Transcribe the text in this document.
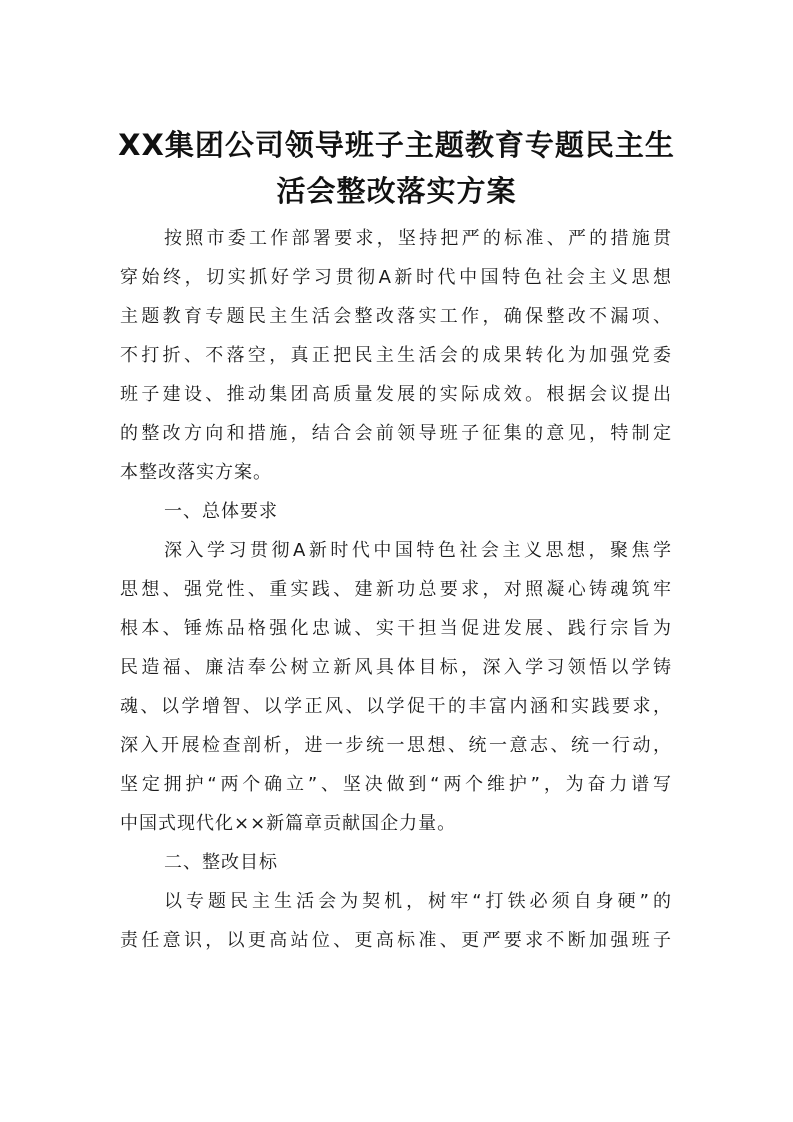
XX集团公司领导班子主题教育专题民主生
活会整改落实方案
按照市委工作部署要求，坚持把严的标准、严的措施贯
穿始终，切实抓好学习贯彻A新时代中国特色社会主义思想
主题教育专题民主生活会整改落实工作，确保整改不漏项、
不打折、不落空，真正把民主生活会的成果转化为加强党委
班子建设、推动集团高质量发展的实际成效。根据会议提出
的整改方向和措施，结合会前领导班子征集的意见，特制定
本整改落实方案。
一、总体要求
深入学习贯彻A新时代中国特色社会主义思想，聚焦学
思想、强党性、重实践、建新功总要求，对照凝心铸魂筑牢
根本、锤炼品格强化忠诚、实干担当促进发展、践行宗旨为
民造福、廉洁奉公树立新风具体目标，深入学习领悟以学铸
魂、以学增智、以学正风、以学促干的丰富内涵和实践要求，
深入开展检查剖析，进一步统一思想、统一意志、统一行动，
坚定拥护“两个确立”、坚决做到“两个维护”，为奋力谱写
中国式现代化××新篇章贡献国企力量。
二、整改目标
以专题民主生活会为契机，树牢“打铁必须自身硬”的
责任意识，以更高站位、更高标准、更严要求不断加强班子
